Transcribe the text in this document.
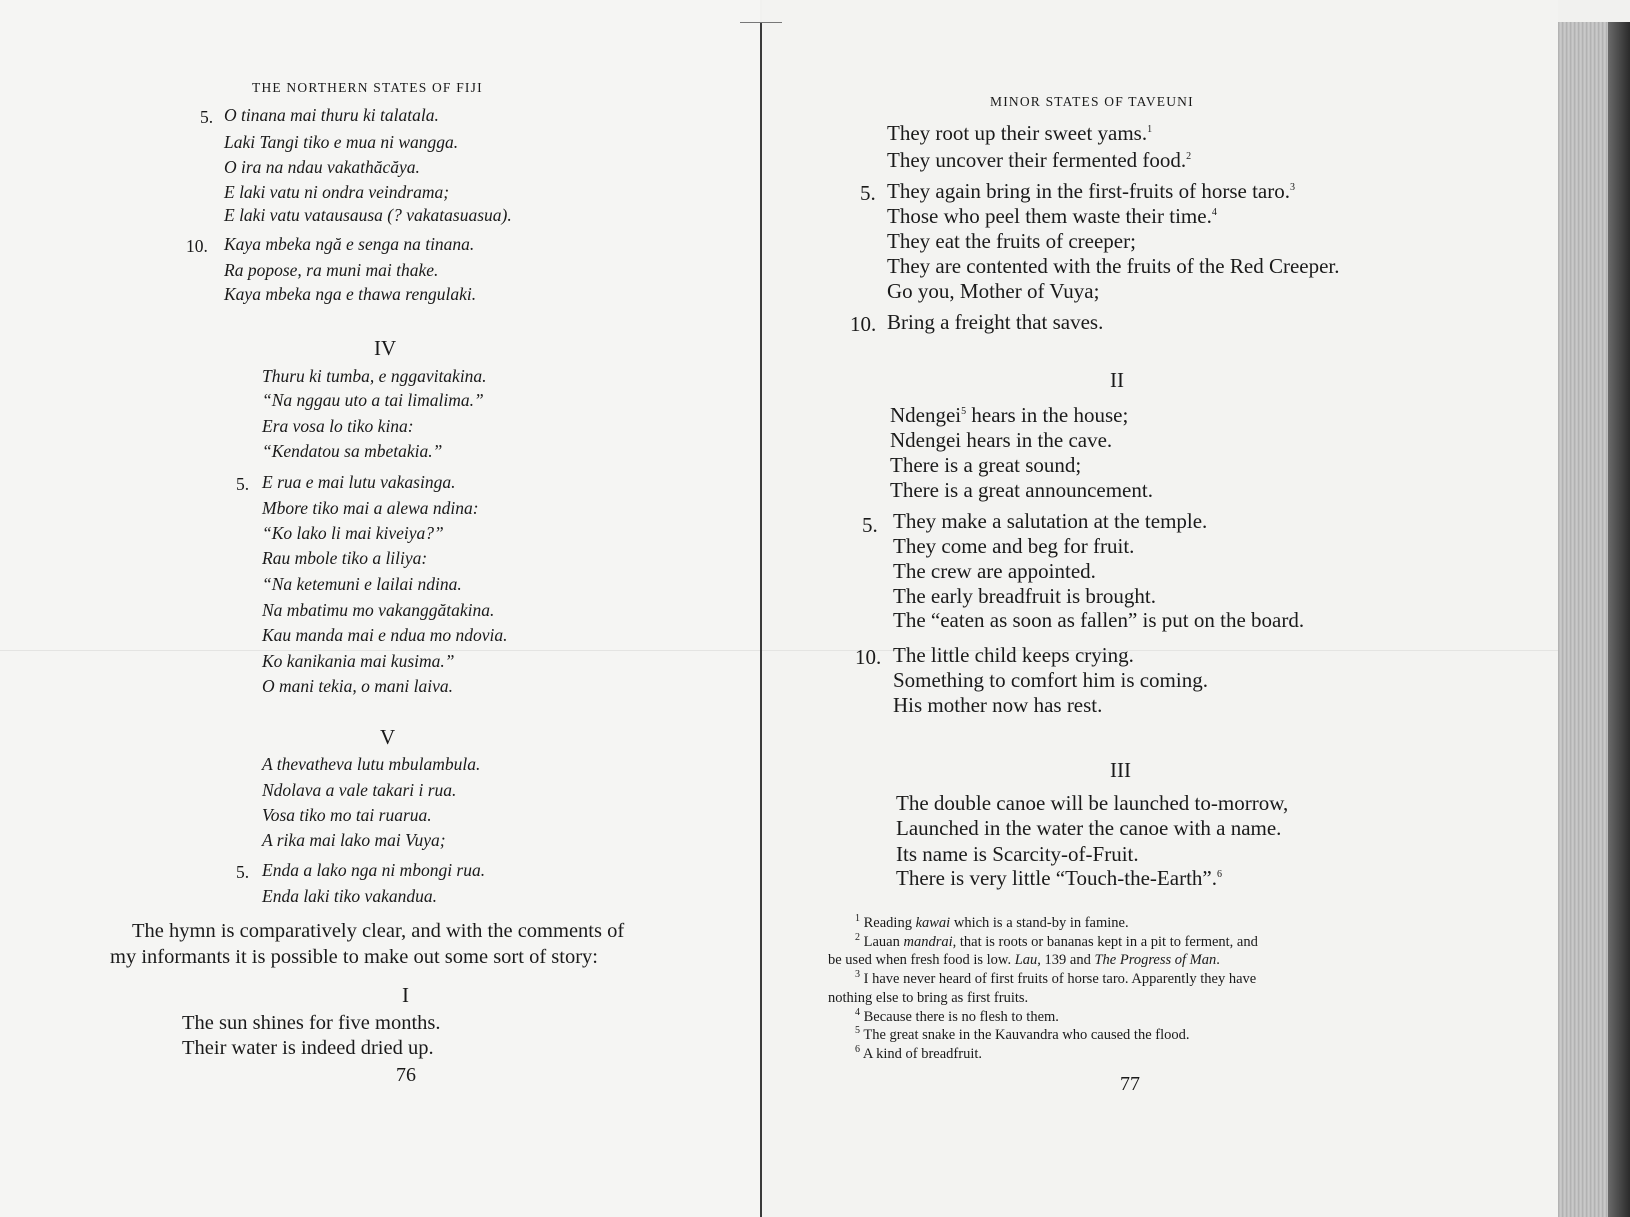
THE NORTHERN STATES OF FIJI
5. O tinana mai thuru ki talatala.
Laki Tangi tiko e mua ni wangga.
O ira na ndau vakathăcăya.
E laki vatu ni ondra veindrama;
E laki vatu vatausausa (? vakatasuasua).
10. Kaya mbeka ngă e senga na tinana.
Ra popose, ra muni mai thake.
Kaya mbeka nga e thawa rengulaki.
IV
Thuru ki tumba, e nggavitakina.
“Na nggau uto a tai limalima.”
Era vosa lo tiko kina:
“Kendatou sa mbetakia.”
5. E rua e mai lutu vakasinga.
Mbore tiko mai a alewa ndina:
“Ko lako li mai kiveiya?”
Rau mbole tiko a liliya:
“Na ketemuni e lailai ndina.
Na mbatimu mo vakanggătakina.
Kau manda mai e ndua mo ndovia.
Ko kanikania mai kusima.”
O mani tekia, o mani laiva.
V
A thevatheva lutu mbulambula.
Ndolava a vale takari i rua.
Vosa tiko mo tai ruarua.
A rika mai lako mai Vuya;
5. Enda a lako nga ni mbongi rua.
Enda laki tiko vakandua.
The hymn is comparatively clear, and with the comments of
my informants it is possible to make out some sort of story:
I
The sun shines for five months.
Their water is indeed dried up.
76
MINOR STATES OF TAVEUNI
They root up their sweet yams.$^1$
They uncover their fermented food.$^2$
5. They again bring in the first-fruits of horse taro.$^3$
Those who peel them waste their time.$^4$
They eat the fruits of creeper;
They are contented with the fruits of the Red Creeper.
Go you, Mother of Vuya;
10. Bring a freight that saves.
II
Ndengei$^5$ hears in the house;
Ndengei hears in the cave.
There is a great sound;
There is a great announcement.
5. They make a salutation at the temple.
They come and beg for fruit.
The crew are appointed.
The early breadfruit is brought.
The “eaten as soon as fallen” is put on the board.
10. The little child keeps crying.
Something to comfort him is coming.
His mother now has rest.
III
The double canoe will be launched to-morrow,
Launched in the water the canoe with a name.
Its name is Scarcity-of-Fruit.
There is very little “Touch-the-Earth”.$^6$
$^1$ Reading kawai which is a stand-by in famine.
$^2$ Lauan mandrai, that is roots or bananas kept in a pit to ferment, and
be used when fresh food is low. Lau, 139 and The Progress of Man.
$^3$ I have never heard of first fruits of horse taro. Apparently they have
nothing else to bring as first fruits.
$^4$ Because there is no flesh to them.
$^5$ The great snake in the Kauvandra who caused the flood.
$^6$ A kind of breadfruit.
77
